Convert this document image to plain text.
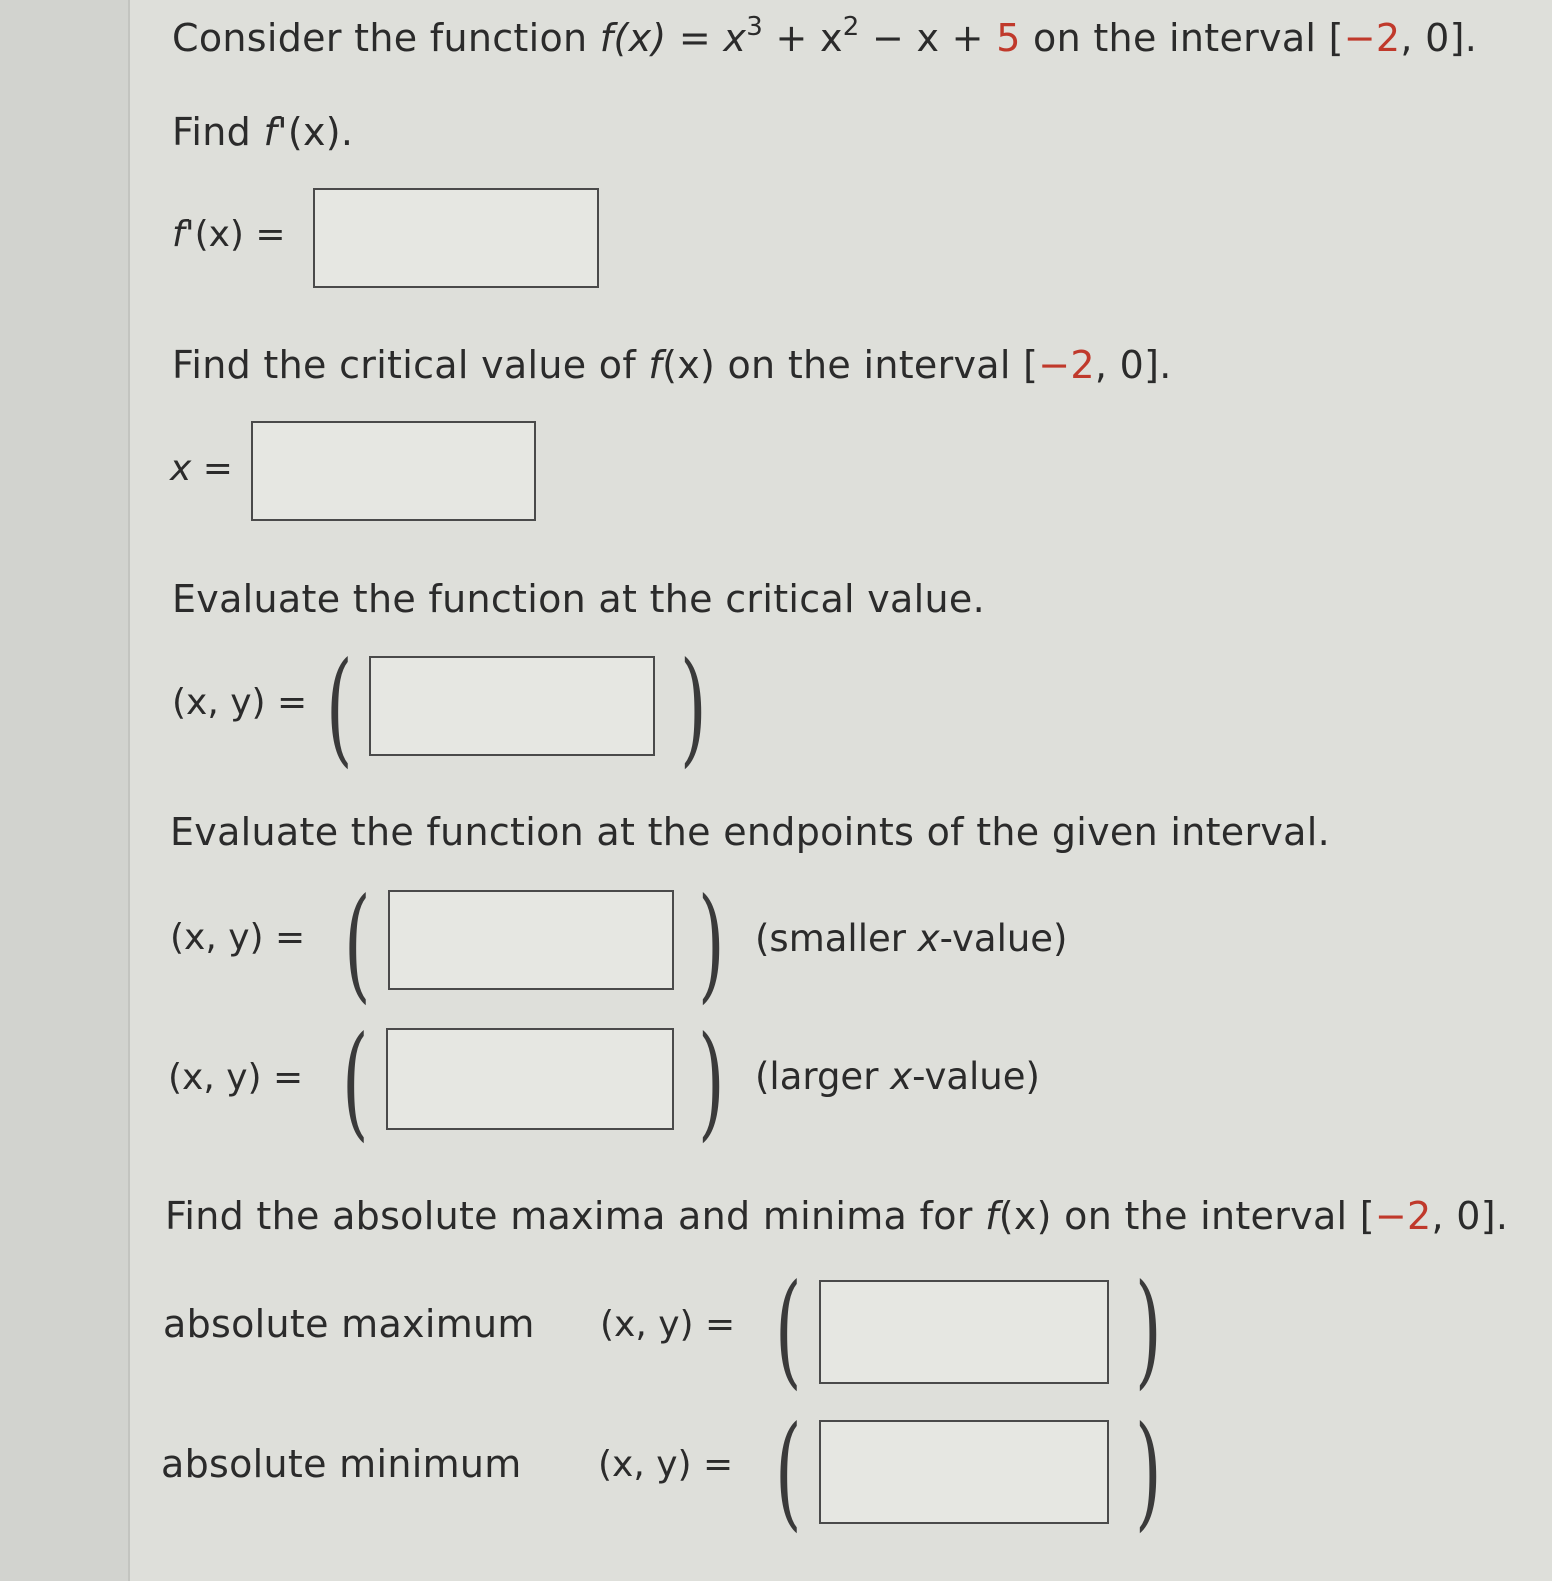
Consider the function $f(x) = x^3 + x^2 - x + 5$ on the interval [−2, 0].
Find f'(x).
f'(x) =
Find the critical value of f(x) on the interval [−2, 0].
x =
Evaluate the function at the critical value.
(x, y) = (	)
Evaluate the function at the endpoints of the given interval.
(x, y) = (	) (smaller x-value)
(x, y) = (	) (larger x-value)
Find the absolute maxima and minima for f(x) on the interval [−2, 0].
absolute maximum (x, y) = (	)
absolute minimum (x, y) = (	)
